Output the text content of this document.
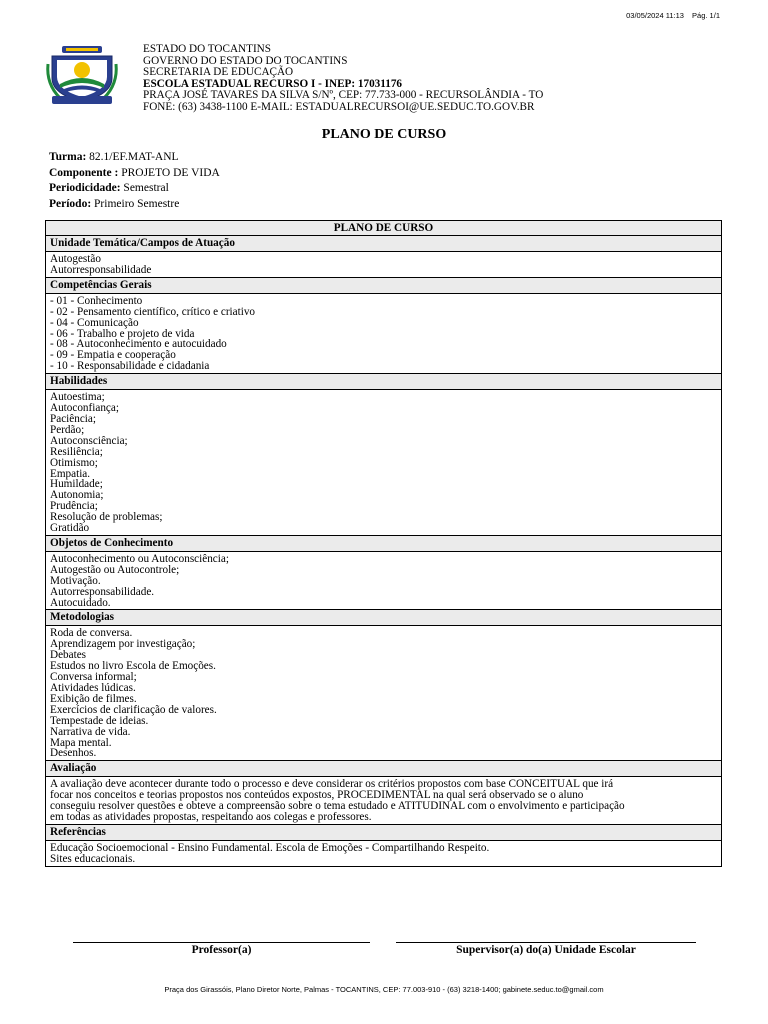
03/05/2024 11:13 Pág. 1/1
ESTADO DO TOCANTINS
GOVERNO DO ESTADO DO TOCANTINS
SECRETARIA DE EDUCAÇÃO
ESCOLA ESTADUAL RECURSO I - INEP: 17031176
PRAÇA JOSÉ TAVARES DA SILVA S/Nº, CEP: 77.733-000 - RECURSOLÂNDIA - TO
FONE: (63) 3438-1100 E-MAIL: ESTADUALRECURSOI@UE.SEDUC.TO.GOV.BR
PLANO DE CURSO
Turma: 82.1/EF.MAT-ANL
Componente : PROJETO DE VIDA
Periodicidade: Semestral
Período: Primeiro Semestre
PLANO DE CURSO
Unidade Temática/Campos de Atuação
Autogestão
Autorresponsabilidade
Competências Gerais
- 01 - Conhecimento
- 02 - Pensamento científico, crítico e criativo
- 04 - Comunicação
- 06 - Trabalho e projeto de vida
- 08 - Autoconhecimento e autocuidado
- 09 - Empatia e cooperação
- 10 - Responsabilidade e cidadania
Habilidades
Autoestima;
Autoconfiança;
Paciência;
Perdão;
Autoconsciência;
Resiliência;
Otimismo;
Empatia.
Humildade;
Autonomia;
Prudência;
Resolução de problemas;
Gratidão
Objetos de Conhecimento
Autoconhecimento ou Autoconsciência;
Autogestão ou Autocontrole;
Motivação.
Autorresponsabilidade.
Autocuidado.
Metodologias
Roda de conversa.
Aprendizagem por investigação;
Debates
Estudos no livro Escola de Emoções.
Conversa informal;
Atividades lúdicas.
Exibição de filmes.
Exercícios de clarificação de valores.
Tempestade de ideias.
Narrativa de vida.
Mapa mental.
Desenhos.
Avaliação
A avaliação deve acontecer durante todo o processo e deve considerar os critérios propostos com base CONCEITUAL que irá
focar nos conceitos e teorias propostos nos conteúdos expostos, PROCEDIMENTAL na qual será observado se o aluno
conseguiu resolver questões e obteve a compreensão sobre o tema estudado e ATITUDINAL com o envolvimento e participação
em todas as atividades propostas, respeitando aos colegas e professores.
Referências
Educação Socioemocional - Ensino Fundamental. Escola de Emoções - Compartilhando Respeito.
Sites educacionais.
Professor(a)	Supervisor(a) do(a) Unidade Escolar
Praça dos Girassóis, Plano Diretor Norte, Palmas - TOCANTINS, CEP: 77.003-910 - (63) 3218-1400; gabinete.seduc.to@gmail.com
